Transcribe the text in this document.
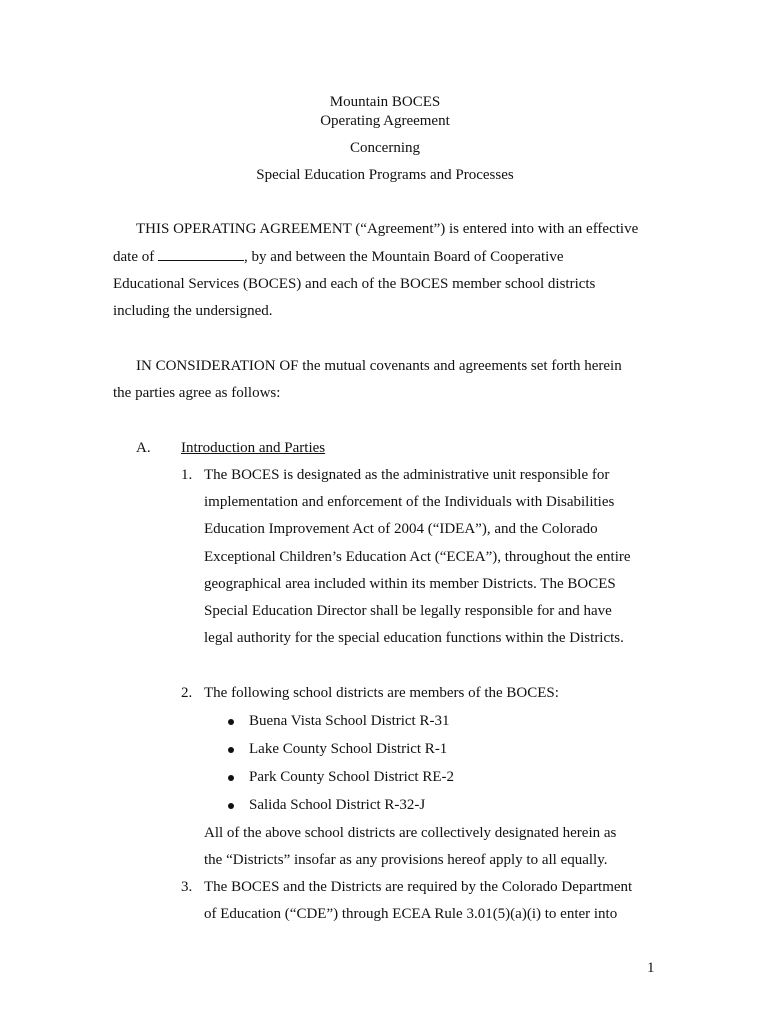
Mountain BOCES
Operating Agreement
Concerning
Special Education Programs and Processes
THIS OPERATING AGREEMENT (“Agreement”) is entered into with an effective
date of	, by and between the Mountain Board of Cooperative
Educational Services (BOCES) and each of the BOCES member school districts
including the undersigned.
IN CONSIDERATION OF the mutual covenants and agreements set forth herein
the parties agree as follows:
A. Introduction and Parties
1. The BOCES is designated as the administrative unit responsible for
implementation and enforcement of the Individuals with Disabilities
Education Improvement Act of 2004 (“IDEA”), and the Colorado
Exceptional Children’s Education Act (“ECEA”), throughout the entire
geographical area included within its member Districts. The BOCES
Special Education Director shall be legally responsible for and have
legal authority for the special education functions within the Districts.
2. The following school districts are members of the BOCES:
Buena Vista School District R-31
Lake County School District R-1
Park County School District RE-2
Salida School District R-32-J
All of the above school districts are collectively designated herein as
the “Districts” insofar as any provisions hereof apply to all equally.
3. The BOCES and the Districts are required by the Colorado Department
of Education (“CDE”) through ECEA Rule 3.01(5)(a)(i) to enter into
1
